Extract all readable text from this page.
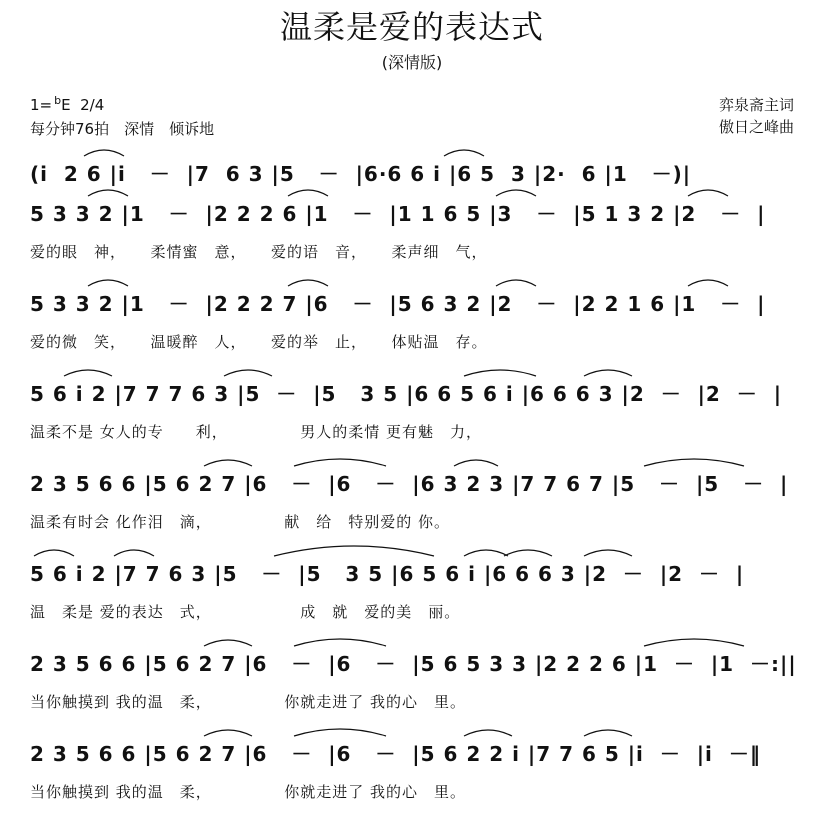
温柔是爱的表达式
(深情版)
1= $^b$E 2/4
每分钟76拍　深情　倾诉地
弈泉斋主词
傲日之峰曲
(i  2 6 |i   －  |7  6 3 |5   －  |6·6 6 i |6 5  3 |2·  6 |1   －)|
5 3 3 2 |1   －  |2 2 2 6 |1   －  |1 1 6 5 |3   －  |5 1 3 2 |2   －  |
爱的眼　神，　　柔情蜜　意，　　爱的语　音，　　柔声细　气，
5 3 3 2 |1   －  |2 2 2 7 |6   －  |5 6 3 2 |2   －  |2 2 1 6 |1   －  |
爱的微　笑，　　温暖醉　人，　　爱的举　止，　　体贴温　存。
5 6 i 2 |7 7 7 6 3 |5  －  |5   3 5 |6 6 5 6 i |6 6 6 3 |2  －  |2  －  |
温柔不是 女人的专　　利，　　　　　男人的柔情 更有魅　力，
2 3 5 6 6 |5 6 2 7 |6   －  |6   －  |6 3 2 3 |7 7 6 7 |5   －  |5   －  |
温柔有时会 化作泪　滴，　　　　　献　给　特别爱的 你。
5 6 i 2 |7 7 6 3 |5   －  |5   3 5 |6 5 6 i |6 6 6 3 |2  －  |2  －  |
温　柔是 爱的表达　式，　　　　　　成　就　爱的美　丽。
2 3 5 6 6 |5 6 2 7 |6   －  |6   －  |5 6 5 3 3 |2 2 2 6 |1  －  |1  －:||
当你触摸到 我的温　柔，　　　　　你就走进了 我的心　里。
2 3 5 6 6 |5 6 2 7 |6   －  |6   －  |5 6 2 2 i |7 7 6 5 |i  －  |i  －‖
当你触摸到 我的温　柔，　　　　　你就走进了 我的心　里。
